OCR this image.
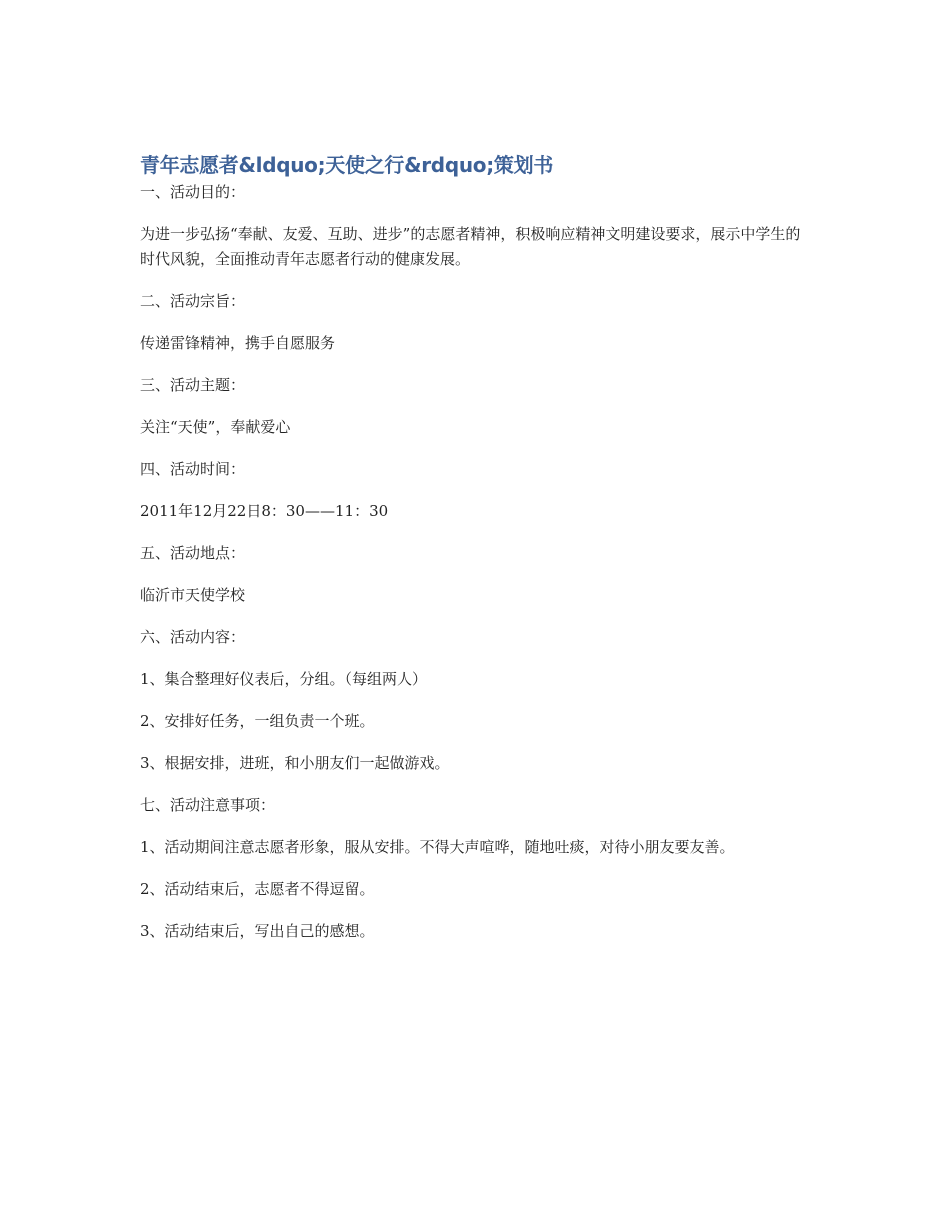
青年志愿者&ldquo;天使之行&rdquo;策划书

一、活动目的：

为进一步弘扬“奉献、友爱、互助、进步”的志愿者精神，积极响应精神文明建设要求，展示中学生的时代风貌，全面推动青年志愿者行动的健康发展。

二、活动宗旨：

传递雷锋精神，携手自愿服务

三、活动主题：

关注“天使”，奉献爱心

四、活动时间：

2011年12月22日8：30——11：30

五、活动地点：

临沂市天使学校

六、活动内容：

1、集合整理好仪表后，分组。（每组两人）

2、安排好任务，一组负责一个班。

3、根据安排，进班，和小朋友们一起做游戏。

七、活动注意事项：

1、活动期间注意志愿者形象，服从安排。不得大声喧哗，随地吐痰，对待小朋友要友善。

2、活动结束后，志愿者不得逗留。

3、活动结束后，写出自己的感想。
